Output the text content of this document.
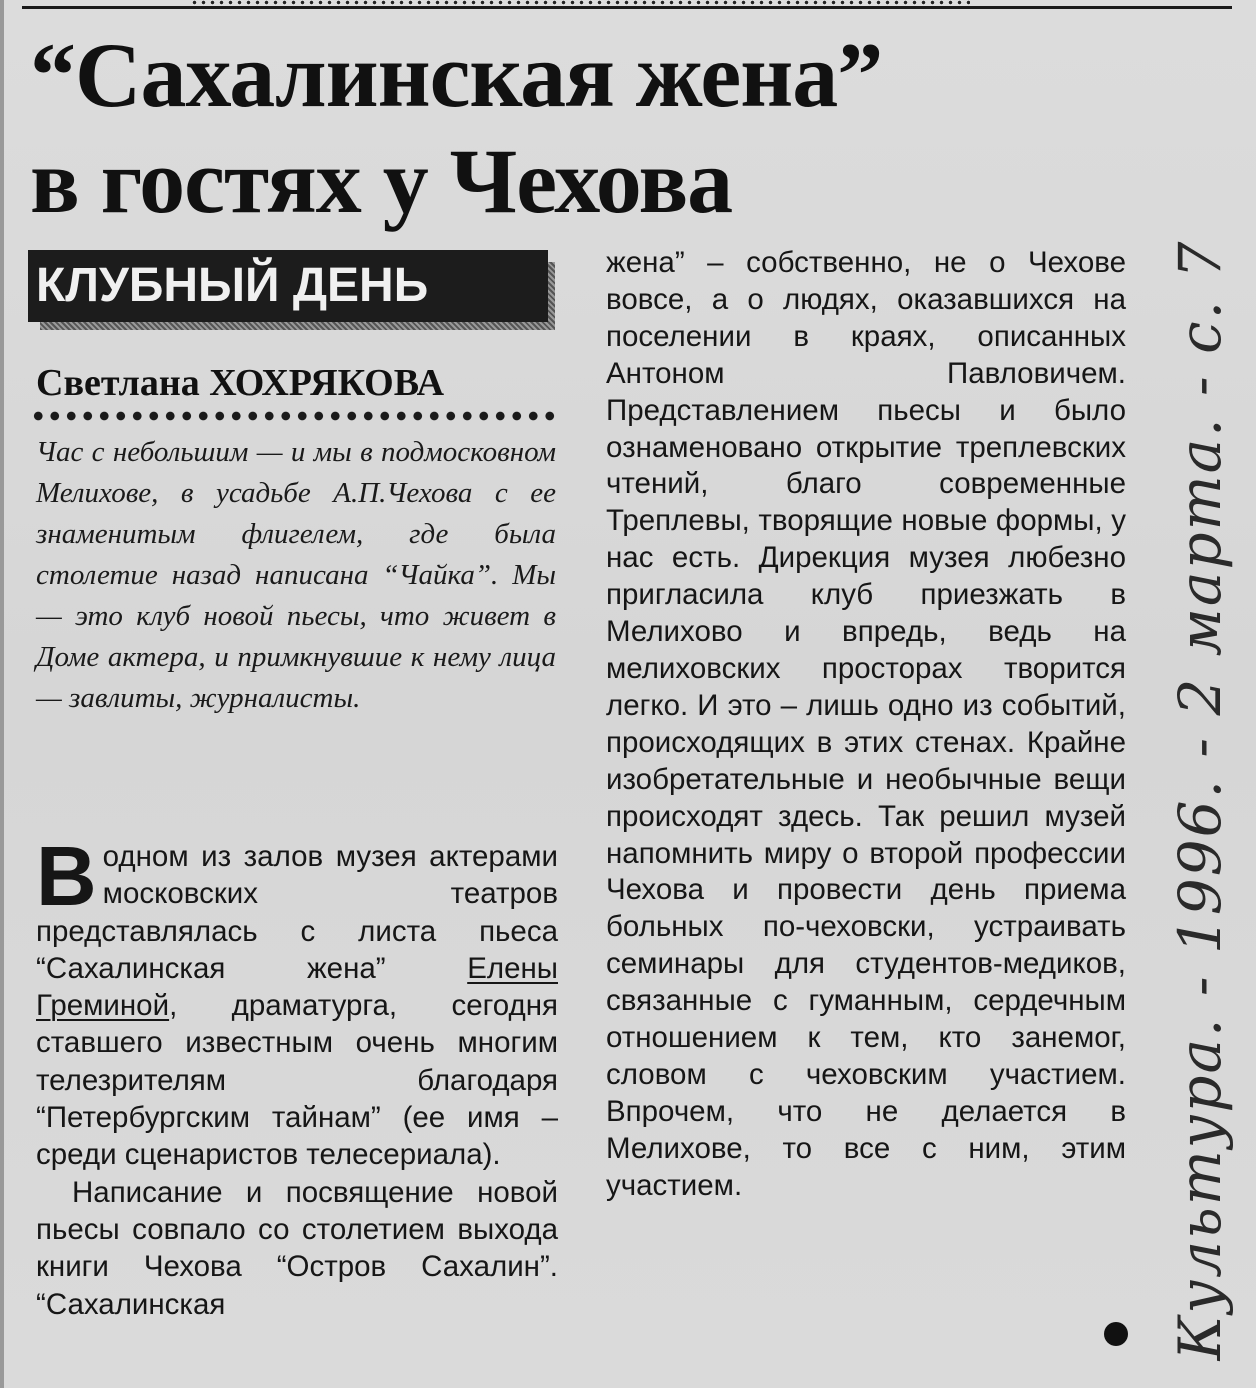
“Сахалинская жена”
в гостях у Чехова
КЛУБНЫЙ ДЕНЬ

Светлана ХОХРЯКОВА

Час с небольшим — и мы в подмосковном Мелихове, в усадьбе А.П.Чехова с ее знаменитым флигелем, где была столетие назад написана “Чайка”. Мы — это клуб новой пьесы, что живет в Доме актера, и примкнувшие к нему лица — завлиты, журналисты.

В одном из залов музея актерами московских театров представлялась с листа пьеса “Сахалинская жена” Елены Греминой, драматурга, сегодня ставшего известным очень многим телезрителям благодаря “Петербургским тайнам” (ее имя – среди сценаристов телесериала).

Написание и посвящение новой пьесы совпало со столетием выхода книги Чехова “Остров Сахалин”. “Сахалинская

жена” – собственно, не о Чехове вовсе, а о людях, оказавшихся на поселении в краях, описанных Антоном Павловичем. Представлением пьесы и было ознаменовано открытие треплевских чтений, благо современные Треплевы, творящие новые формы, у нас есть. Дирекция музея любезно пригласила клуб приезжать в Мелихово и впредь, ведь на мелиховских просторах творится легко. И это – лишь одно из событий, происходящих в этих стенах. Крайне изобретательные и необычные вещи происходят здесь. Так решил музей напомнить миру о второй профессии Чехова и провести день приема больных по-чеховски, устраивать семинары для студентов-медиков, связанные с гуманным, сердечным отношением к тем, кто занемог, словом с чеховским участием. Впрочем, что не делается в Мелихове, то все с ним, этим участием.	Культура. - 1996. - 2 марта. - с. 7
